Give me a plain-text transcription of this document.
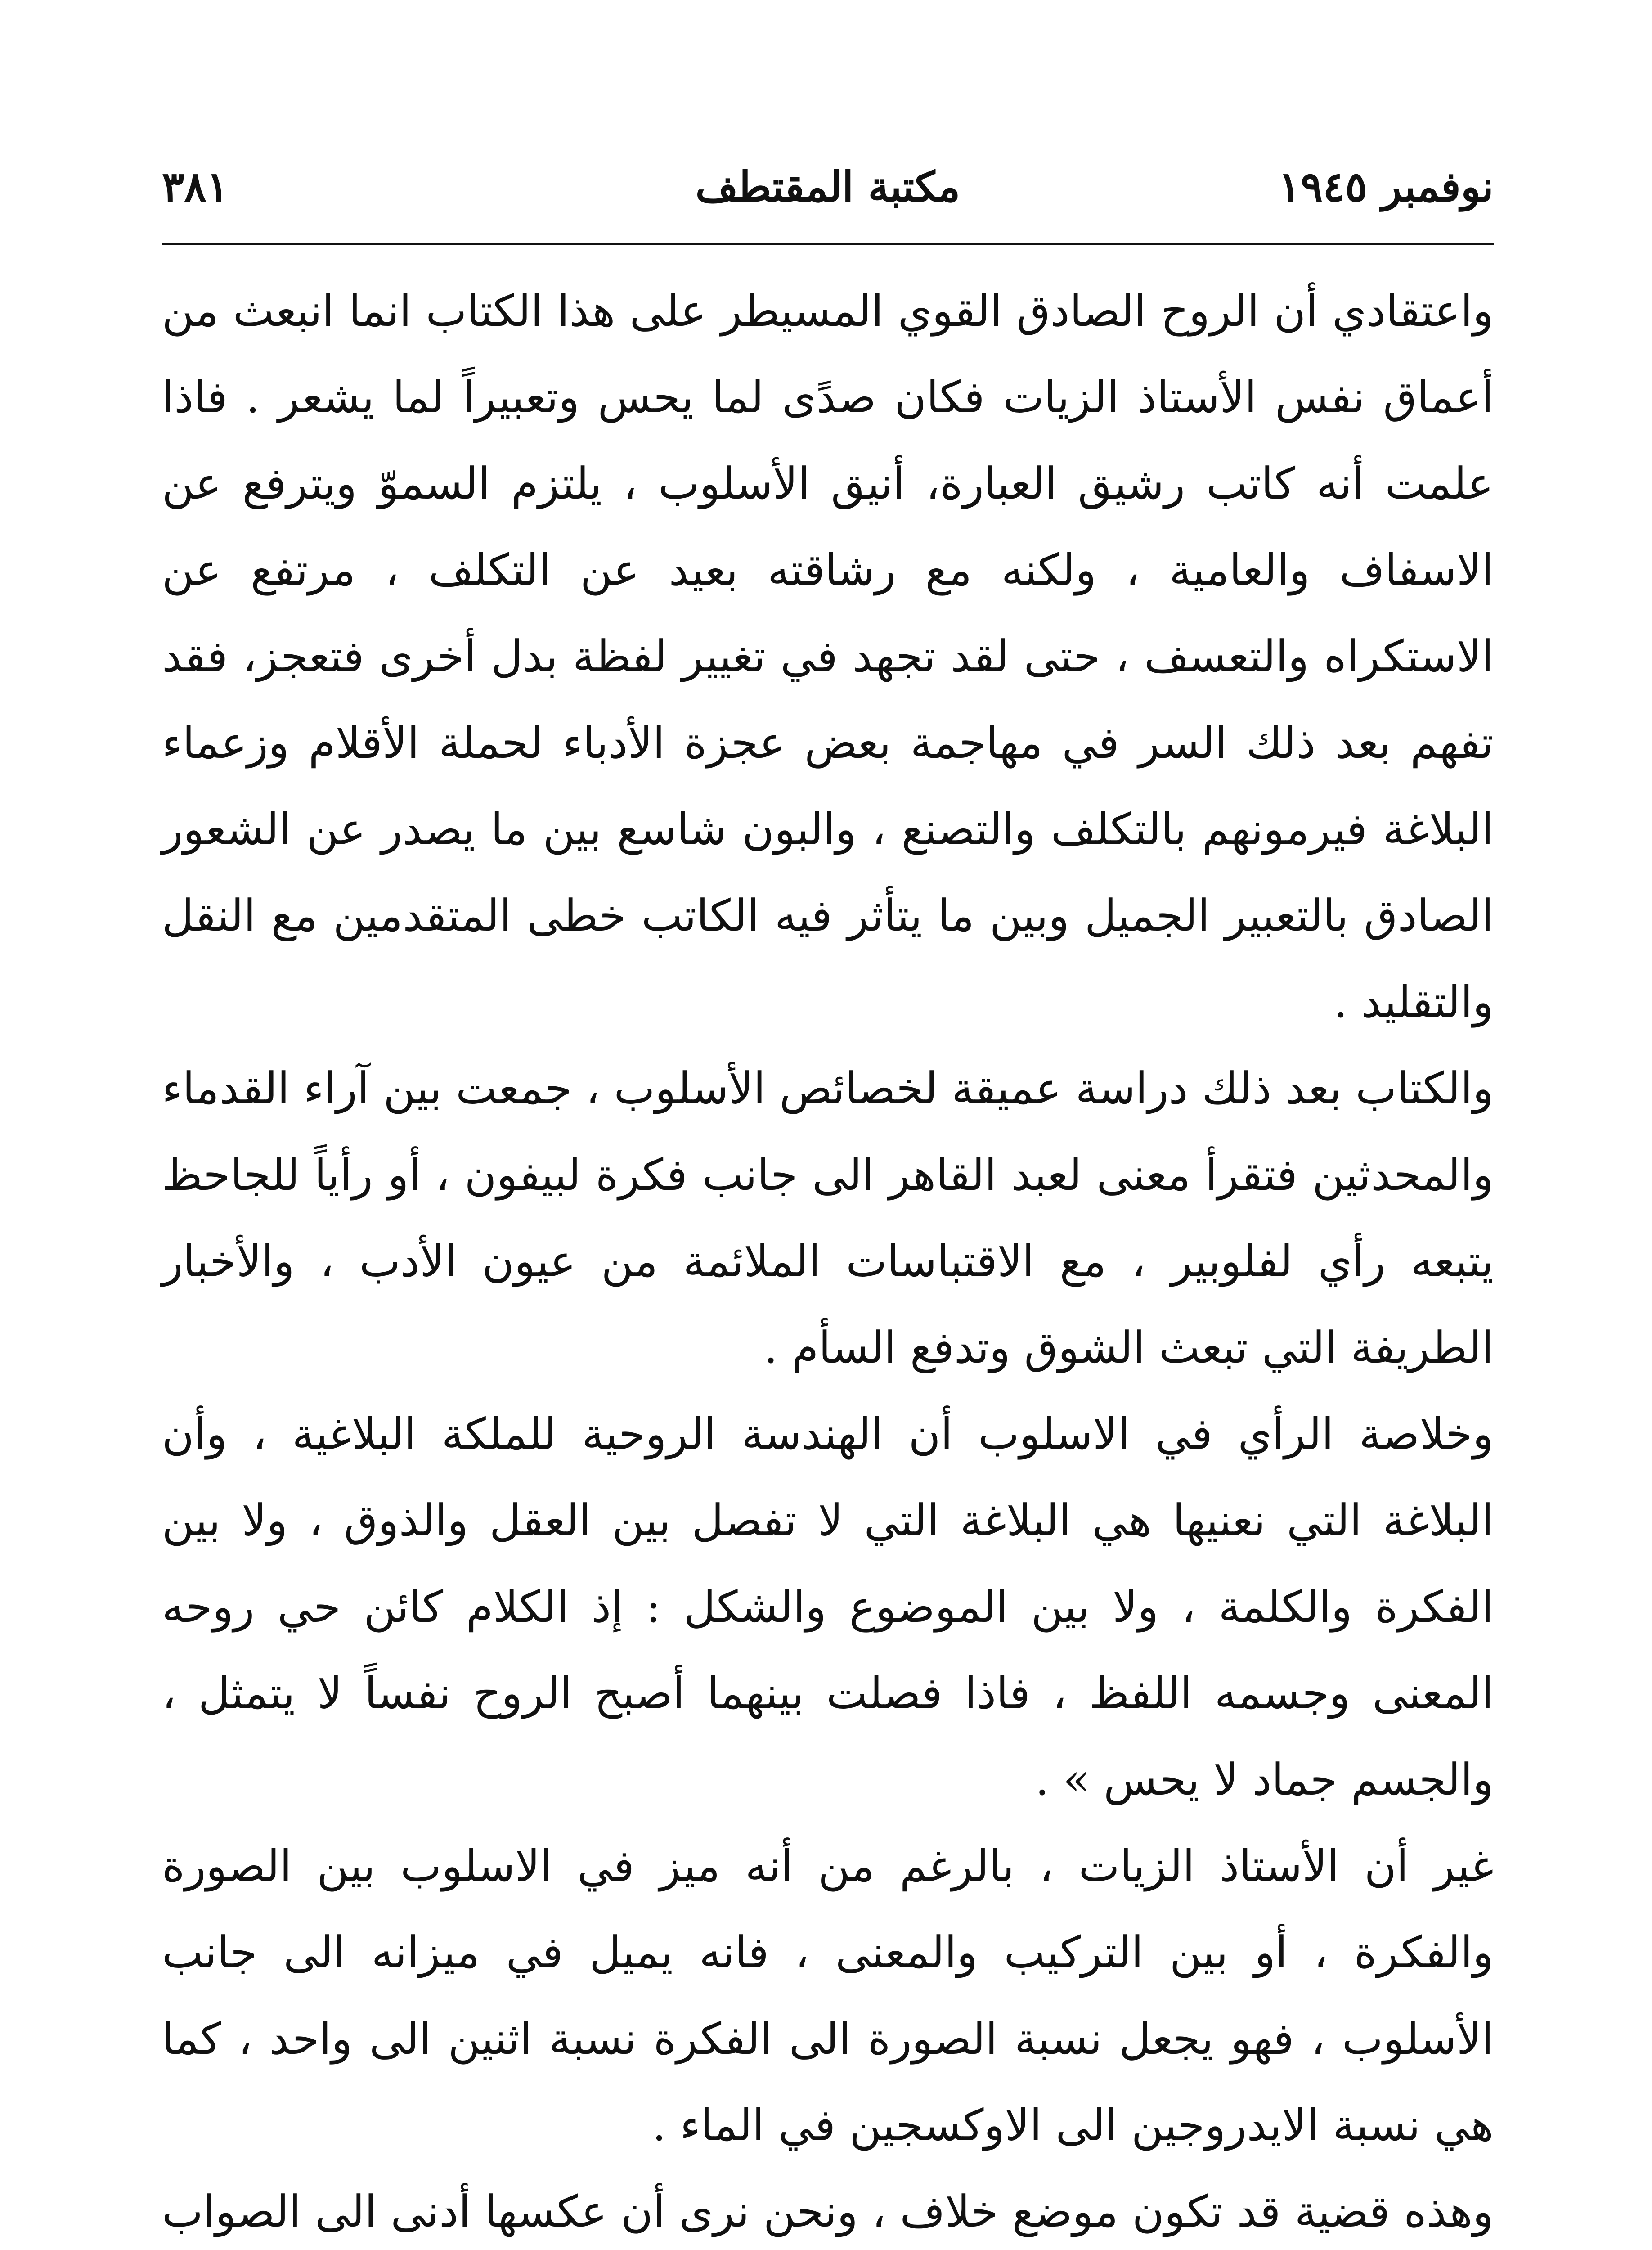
نوفمبر ١٩٤٥
مكتبة المقتطف
٣٨١

واعتقادي أن الروح الصادق القوي المسيطر على هذا الكتاب انما انبعث من أعماق نفس الأستاذ الزيات فكان صدًى لما يحس وتعبيراً لما يشعر . فاذا علمت أنه كاتب رشيق العبارة، أنيق الأسلوب ، يلتزم السموّ ويترفع عن الاسفاف والعامية ، ولكنه مع رشاقته بعيد عن التكلف ، مرتفع عن الاستكراه والتعسف ، حتى لقد تجهد في تغيير لفظة بدل أخرى فتعجز، فقد تفهم بعد ذلك السر في مهاجمة بعض عجزة الأدباء لحملة الأقلام وزعماء البلاغة فيرمونهم بالتكلف والتصنع ، والبون شاسع بين ما يصدر عن الشعور الصادق بالتعبير الجميل وبين ما يتأثر فيه الكاتب خطى المتقدمين مع النقل والتقليد .

والكتاب بعد ذلك دراسة عميقة لخصائص الأسلوب ، جمعت بين آراء القدماء والمحدثين فتقرأ معنى لعبد القاهر الى جانب فكرة لبيفون ، أو رأياً للجاحظ يتبعه رأي لفلوبير ، مع الاقتباسات الملائمة من عيون الأدب ، والأخبار الطريفة التي تبعث الشوق وتدفع السأم .

وخلاصة الرأي في الاسلوب أن الهندسة الروحية للملكة البلاغية ، وأن البلاغة التي نعنيها هي البلاغة التي لا تفصل بين العقل والذوق ، ولا بين الفكرة والكلمة ، ولا بين الموضوع والشكل : إذ الكلام كائن حي روحه المعنى وجسمه اللفظ ، فاذا فصلت بينهما أصبح الروح نفساً لا يتمثل ، والجسم جماد لا يحس » .

غير أن الأستاذ الزيات ، بالرغم من أنه ميز في الاسلوب بين الصورة والفكرة ، أو بين التركيب والمعنى ، فانه يميل في ميزانه الى جانب الأسلوب ، فهو يجعل نسبة الصورة الى الفكرة نسبة اثنين الى واحد ، كما هي نسبة الايدروجين الى الاوكسجين في الماء .

وهذه قضية قد تكون موضع خلاف ، ونحن نرى أن عكسها أدنى الى الصواب
